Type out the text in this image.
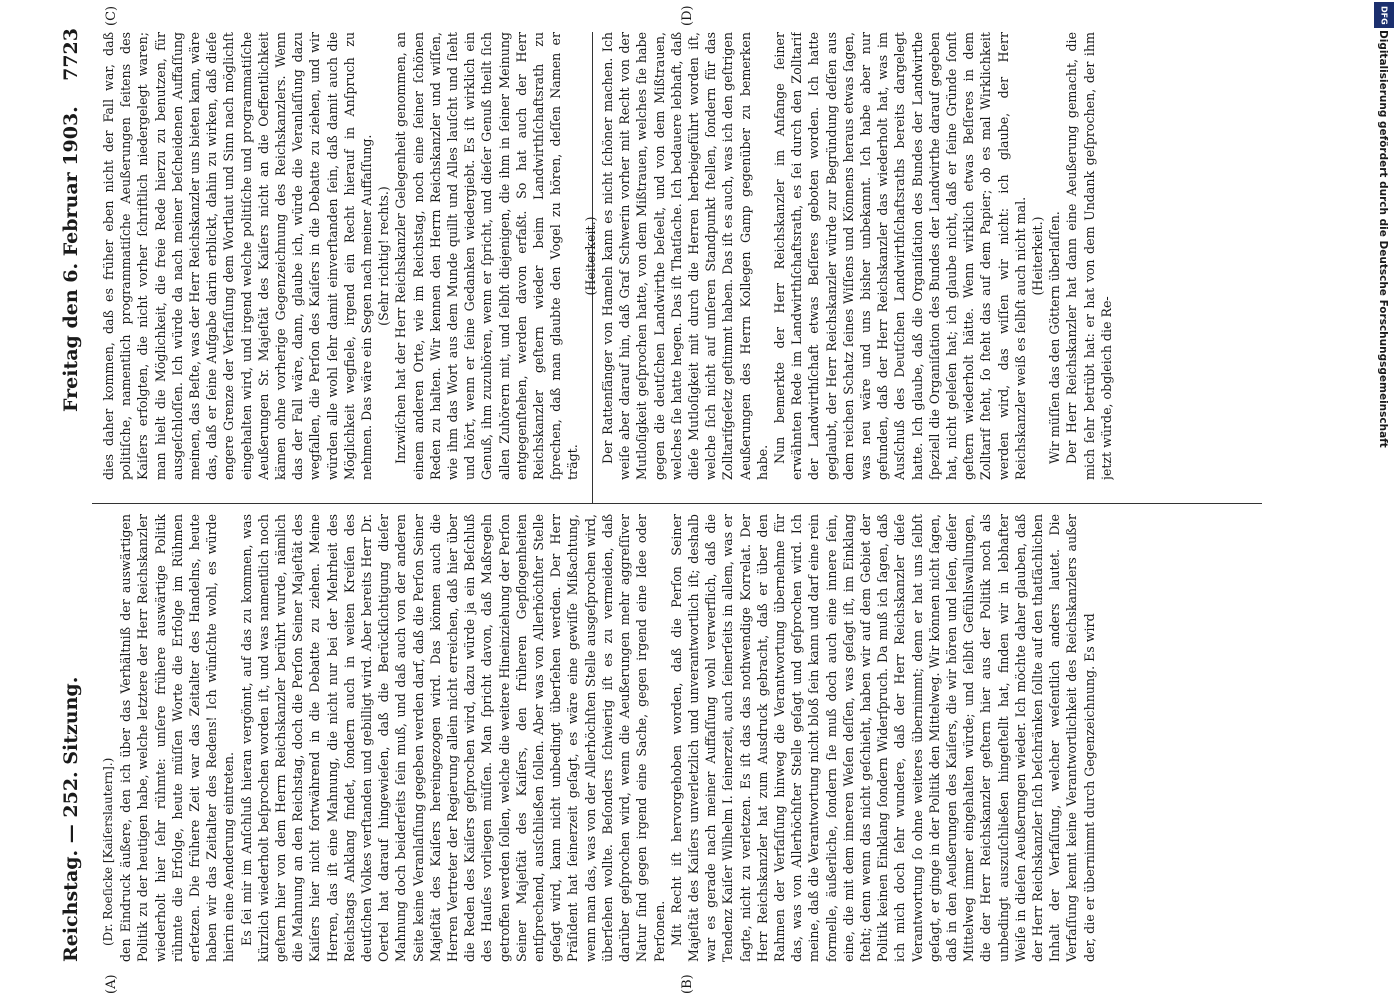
Reichstag. — 252. Sitzung.
Freitag den 6. Februar 1903.
7723
(A)	(B)
(C)	(D)

(Dr. Roeſicke [Kaiſerslautern].) den Eindruck äußere, den ich über das Verhältniß der auswärtigen Politik zu der heutigen habe, welche letztere der Herr Reichskanzler wiederholt hier ſehr rühmte: unſere frühere auswärtige Politik rühmte die Erfolge, heute müſſen Worte die Erfolge im Rühmen erſetzen. Die frühere Zeit war das Zeitalter des Handelns, heute haben wir das Zeitalter des Redens! Ich wünſchte wohl, es würde hierin eine Aenderung eintreten. Es ſei mir im Anſchluß hieran vergönnt, auf das zu kommen, was kürzlich wiederholt beſprochen worden iſt, und was namentlich noch geſtern hier von dem Herrn Reichskanzler berührt wurde, nämlich die Mahnung an den Reichstag, doch die Perſon Seiner Majeſtät des Kaiſers hier nicht fortwährend in die Debatte zu ziehen. Meine Herren, das iſt eine Mahnung, die nicht nur bei der Mehrheit des Reichstags Anklang findet, ſondern auch in weiten Kreiſen des deutſchen Volkes verſtanden und gebilligt wird. Aber bereits Herr Dr. Oertel hat darauf hingewieſen, daß die Berückſichtigung dieſer Mahnung doch beiderſeits ſein muß, und daß auch von der anderen Seite keine Veranlaſſung gegeben werden darf, daß die Perſon Seiner Majeſtät des Kaiſers hereingezogen wird. Das können auch die Herren Vertreter der Regierung allein nicht erreichen, daß hier über die Reden des Kaiſers geſprochen wird, dazu würde ja ein Beſchluß des Hauſes vorliegen müſſen. Man ſpricht davon, daß Maßregeln getroffen werden ſollen, welche die weitere Hineinziehung der Perſon Seiner Majeſtät des Kaiſers, den früheren Gepflogenheiten entſprechend, ausſchließen ſollen. Aber was von Allerhöchſter Stelle geſagt wird, kann nicht unbedingt überſehen werden. Der Herr Präſident hat ſeinerzeit geſagt, es wäre eine gewiſſe Mißachtung, wenn man das, was von der Allerhöchſten Stelle ausgeſprochen wird, überſehen wollte. Beſonders ſchwierig iſt es zu vermeiden, daß darüber geſprochen wird, wenn die Aeußerungen mehr aggreſſiver Natur ſind gegen irgend eine Sache, gegen irgend eine Idee oder Perſonen. Mit Recht iſt hervorgehoben worden, daß die Perſon Seiner Majeſtät des Kaiſers unverletzlich und unverantwortlich iſt; deshalb war es gerade nach meiner Auffaſſung wohl verwerflich, daß die Tendenz Kaiſer Wilhelm I. ſeinerzeit, auch ſeinerſeits in allem, was er ſagte, nicht zu verletzen. Es iſt das das nothwendige Korrelat. Der Herr Reichskanzler hat zum Ausdruck gebracht, daß er über den Rahmen der Verfaſſung hinweg die Verantwortung übernehme für das, was von Allerhöchſter Stelle geſagt und geſprochen wird. Ich meine, daß die Verantwortung nicht bloß ſein kann und darf eine rein formelle, äußerliche, ſondern ſie muß doch auch eine innere ſein, eine, die mit dem inneren Weſen deſſen, was geſagt iſt, im Einklang ſteht; denn wenn das nicht geſchieht, haben wir auf dem Gebiet der Politik keinen Einklang ſondern Widerſpruch. Da muß ich ſagen, daß ich mich doch ſehr wundere, daß der Herr Reichskanzler dieſe Verantwortung ſo ohne weiteres übernimmt; denn er hat uns ſelbſt geſagt, er ginge in der Politik den Mittelweg. Wir können nicht ſagen, daß in den Aeußerungen des Kaiſers, die wir hören und leſen, dieſer Mittelweg immer eingehalten würde; und ſelbſt Gefühlswallungen, die der Herr Reichskanzler geſtern hier aus der Politik noch als unbedingt auszuſchließen hingeſtellt hat, finden wir in lebhafter Weiſe in dieſen Aeußerungen wieder. Ich möchte daher glauben, daß der Herr Reichskanzler ſich beſchränken ſollte auf den thatſächlichen Inhalt der Verfaſſung, welcher weſentlich anders lautet. Die Verfaſſung kennt keine Verantwortlichkeit des Reichskanzlers außer der, die er übernimmt durch Gegenzeichnung. Es wird

dies daher kommen, daß es früher eben nicht der Fall war, daß politiſche, namentlich programmatiſche Aeußerungen ſeitens des Kaiſers erfolgten, die nicht vorher ſchriftlich niedergelegt waren; man hielt die Möglichkeit, die freie Rede hierzu zu benutzen, für ausgeſchloſſen. Ich würde da nach meiner beſcheidenen Auffaſſung meinen, das Beſte, was der Herr Reichskanzler uns bieten kann, wäre das, daß er ſeine Aufgabe darin erblickt, dahin zu wirken, daß dieſe engere Grenze der Verfaſſung dem Wortlaut und Sinn nach möglichſt eingehalten wird, und irgend welche politiſche und programmatiſche Aeußerungen Sr. Majeſtät des Kaiſers nicht an die Oeffentlichkeit kämen ohne vorherige Gegenzeichnung des Reichskanzlers. Wenn das der Fall wäre, dann, glaube ich, würde die Veranlaſſung dazu wegfallen, die Perſon des Kaiſers in die Debatte zu ziehen, und wir würden alle wohl ſehr damit einverſtanden ſein, daß damit auch die Möglichkeit wegfiele, irgend ein Recht hierauf in Anſpruch zu nehmen. Das wäre ein Segen nach meiner Auffaſſung. (Sehr richtig! rechts.) Inzwiſchen hat der Herr Reichskanzler Gelegenheit genommen, an einem anderen Orte, wie im Reichstag, noch eine ſeiner ſchönen Reden zu halten. Wir kennen den Herrn Reichskanzler und wiſſen, wie ihm das Wort aus dem Munde quillt und Alles lauſcht und ſieht und hört, wenn er ſeine Gedanken wiedergiebt. Es iſt wirklich ein Genuß, ihm zuzuhören, wenn er ſpricht, und dieſer Genuß theilt ſich allen Zuhörern mit, und ſelbſt diejenigen, die ihm in ſeiner Meinung entgegenſtehen, werden davon erfaßt. So hat auch der Herr Reichskanzler geſtern wieder beim Landwirthſchaftsrath zu ſprechen, daß man glaubte den Vogel zu hören, deſſen Namen er trägt.

(Heiterkeit.) Der Rattenfänger von Hameln kann es nicht ſchöner machen. Ich weiſe aber darauf hin, daß Graf Schwerin vorher mit Recht von der Mutloſigkeit geſprochen hatte, von dem Mißtrauen, welches ſie habe gegen die deutſchen Landwirthe beſeelt, und von dem Mißtrauen, welches ſie hatte hegen. Das iſt Thatſache. Ich bedauere lebhaft, daß dieſe Mutloſigkeit mit durch die Herren herbeigeführt worden iſt, welche ſich nicht auf unſeren Standpunkt ſtellen, ſondern für das Zolltarifgeſetz geſtimmt haben. Das iſt es auch, was ich den geſtrigen Aeußerungen des Herrn Kollegen Gamp gegenüber zu bemerken habe. Nun bemerkte der Herr Reichskanzler im Anfange ſeiner erwähnten Rede im Landwirthſchaftsrath, es ſei durch den Zolltarif der Landwirthſchaft etwas Beſſeres geboten worden. Ich hatte geglaubt, der Herr Reichskanzler würde zur Begründung deſſen aus dem reichen Schatz ſeines Wiſſens und Könnens heraus etwas ſagen, was neu wäre und uns bisher unbekannt. Ich habe aber nur gefunden, daß der Herr Reichskanzler das wiederholt hat, was im Ausſchuß des Deutſchen Landwirthſchaftsraths bereits dargelegt hatte. Ich glaube, daß die Organiſation des Bundes der Landwirthe ſpeziell die Organiſation des Bundes der Landwirthe darauf gegeben hat, nicht geleſen hat; ich glaube nicht, daß er ſeine Gründe ſonſt geſtern wiederholt hätte. Wenn wirklich etwas Beſſeres in dem Zolltarif ſteht, ſo ſteht das auf dem Papier; ob es mal Wirklichkeit werden wird, das wiſſen wir nicht: ich glaube, der Herr Reichskanzler weiß es ſelbſt auch nicht mal. (Heiterkeit.) Wir müſſen das den Göttern überlaſſen. Der Herr Reichskanzler hat dann eine Aeußerung gemacht, die mich ſehr betrübt hat: er hat von dem Undank geſprochen, der ihm jetzt würde, obgleich die Re-	Digitalisierung gefördert durch die Deutsche Forschungsgemeinschaft
DFG
